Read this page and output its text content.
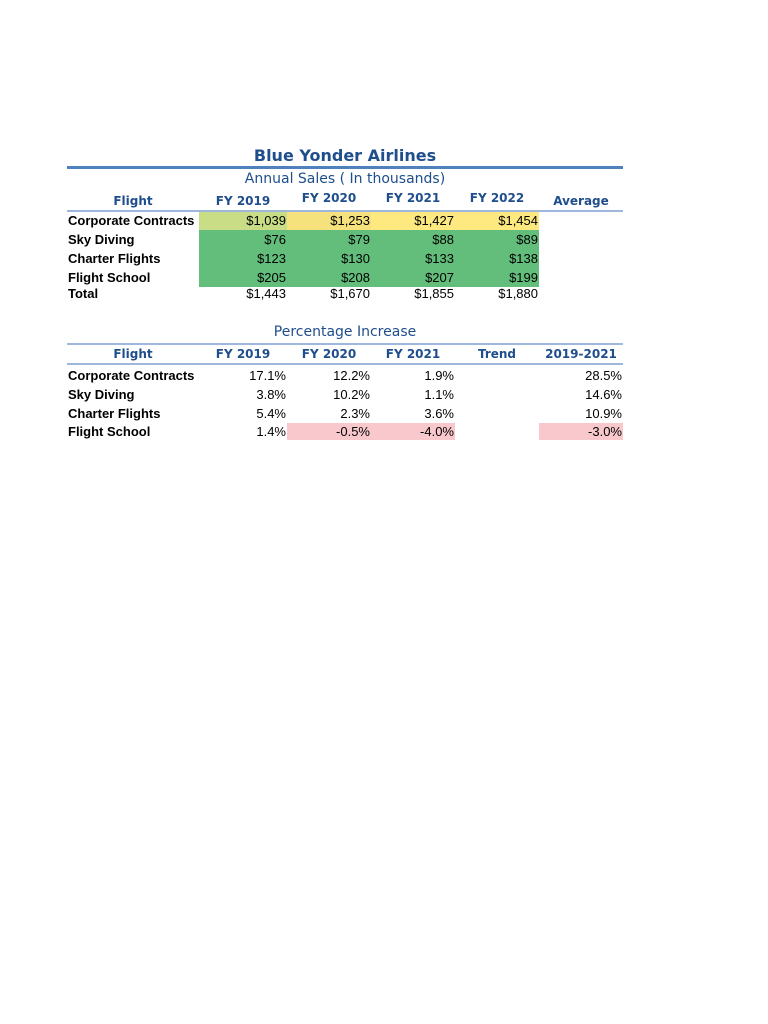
Blue Yonder Airlines
Annual Sales ( In thousands)
Flight	FY 2019	FY 2020	FY 2021	FY 2022	Average
Corporate Contracts	$1,039	$1,253	$1,427	$1,454	
Sky Diving	$76	$79	$88	$89	
Charter Flights	$123	$130	$133	$138	
Flight School	$205	$208	$207	$199	
Total	$1,443	$1,670	$1,855	$1,880	
Percentage Increase
Flight	FY 2019	FY 2020	FY 2021	Trend	2019-2021

Corporate Contracts	17.1%	12.2%	1.9%		28.5%
Sky Diving	3.8%	10.2%	1.1%		14.6%
Charter Flights	5.4%	2.3%	3.6%		10.9%
Flight School	1.4%	-0.5%	-4.0%		-3.0%
